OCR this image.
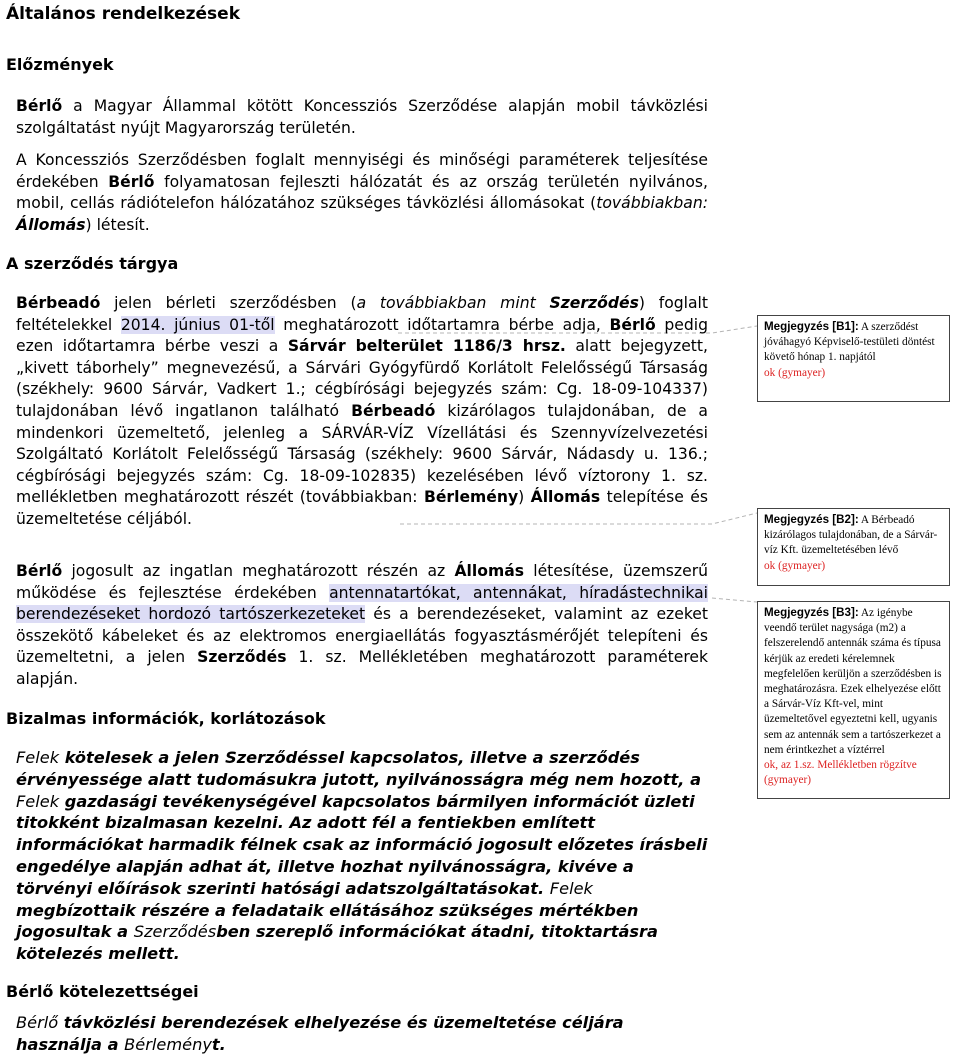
Általános rendelkezések
Előzmények

Bérlő a Magyar Állammal kötött Koncessziós Szerződése alapján mobil távközlési szolgáltatást nyújt Magyarország területén.

A Koncessziós Szerződésben foglalt mennyiségi és minőségi paraméterek teljesítése érdekében Bérlő folyamatosan fejleszti hálózatát és az ország területén nyilvános, mobil, cellás rádiótelefon hálózatához szükséges távközlési állomásokat (továbbiakban: Állomás) létesít.

A szerződés tárgya

Bérbeadó jelen bérleti szerződésben (a továbbiakban mint Szerződés) foglalt feltételekkel 2014. június 01-től meghatározott időtartamra bérbe adja, Bérlő pedig ezen időtartamra bérbe veszi a Sárvár belterület 1186/3 hrsz. alatt bejegyzett, „kivett táborhely” megnevezésű, a Sárvári Gyógyfürdő Korlátolt Felelősségű Társaság (székhely: 9600 Sárvár, Vadkert 1.; cégbírósági bejegyzés szám: Cg. 18-09-104337) tulajdonában lévő ingatlanon található Bérbeadó kizárólagos tulajdonában, de a mindenkori üzemeltető, jelenleg a SÁRVÁR-VÍZ Vízellátási és Szennyvízelvezetési Szolgáltató Korlátolt Felelősségű Társaság (székhely: 9600 Sárvár, Nádasdy u. 136.; cégbírósági bejegyzés szám: Cg. 18-09-102835) kezelésében lévő víztorony 1. sz. mellékletben meghatározott részét (továbbiakban: Bérlemény) Állomás telepítése és üzemeltetése céljából.

Bérlő jogosult az ingatlan meghatározott részén az Állomás létesítése, üzemszerű működése és fejlesztése érdekében antennatartókat, antennákat, híradástechnikai berendezéseket hordozó tartószerkezeteket és a berendezéseket, valamint az ezeket összekötő kábeleket és az elektromos energiaellátás fogyasztásmérőjét telepíteni és üzemeltetni, a jelen Szerződés 1. sz. Mellékletében meghatározott paraméterek alapján.

Bizalmas információk, korlátozások
Felek kötelesek a jelen Szerződéssel kapcsolatos, illetve a szerződés érvényessége alatt tudomásukra jutott, nyilvánosságra még nem hozott, a Felek gazdasági tevékenységével kapcsolatos bármilyen információt üzleti titokként bizalmasan kezelni. Az adott fél a fentiekben említett információkat harmadik félnek csak az információ jogosult előzetes írásbeli engedélye alapján adhat át, illetve hozhat nyilvánosságra, kivéve a törvényi előírások szerinti hatósági adatszolgáltatásokat. Felek megbízottaik részére a feladataik ellátásához szükséges mértékben jogosultak a Szerződésben szereplő információkat átadni, titoktartásra kötelezés mellett.
Bérlő kötelezettségei
Bérlő távközlési berendezések elhelyezése és üzemeltetése céljára használja a Bérleményt.
Megjegyzés [B1]: A szerződést jóváhagyó Képviselő-testületi döntést követő hónap 1. napjától
ok (gymayer)
Megjegyzés [B2]: A Bérbeadó kizárólagos tulajdonában, de a Sárvár-víz Kft. üzemeltetésében lévő
ok (gymayer)
Megjegyzés [B3]: Az igénybe veendő terület nagysága (m2) a felszerelendő antennák száma és típusa kérjük az eredeti kérelemnek megfelelően kerüljön a szerződésben is meghatározásra. Ezek elhelyezése előtt a Sárvár-Víz Kft-vel, mint üzemeltetővel egyeztetni kell, ugyanis sem az antennák sem a tartószerkezet a nem érintkezhet a víztérrel
ok, az 1.sz. Mellékletben rögzítve (gymayer)
